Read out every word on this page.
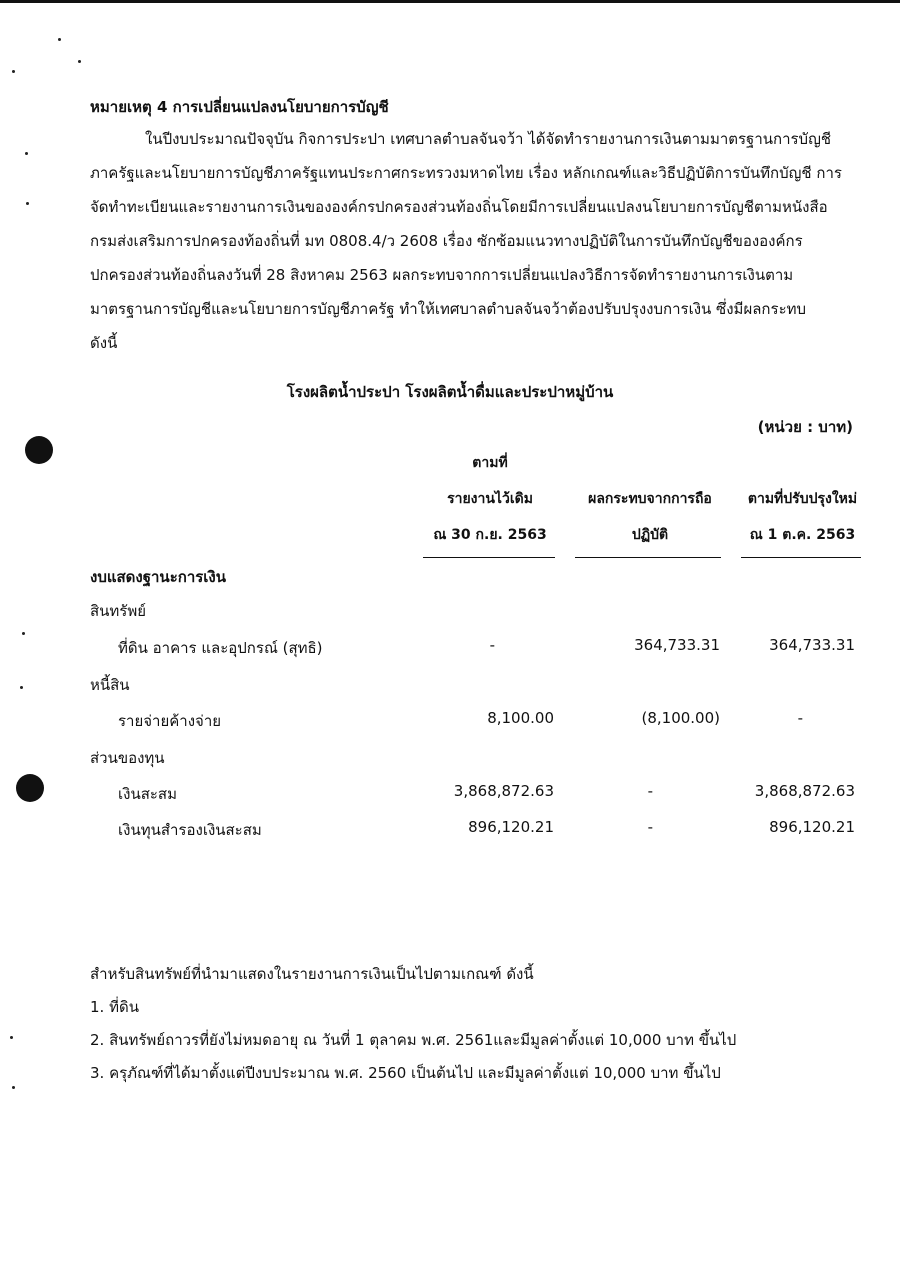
หมายเหตุ 4 การเปลี่ยนแปลงนโยบายการบัญชี
ในปีงบประมาณปัจจุบัน กิจการประปา เทศบาลตำบลจันจว้า ได้จัดทำรายงานการเงินตามมาตรฐานการบัญชี
ภาครัฐและนโยบายการบัญชีภาครัฐแทนประกาศกระทรวงมหาดไทย เรื่อง หลักเกณฑ์และวิธีปฏิบัติการบันทึกบัญชี การ
จัดทำทะเบียนและรายงานการเงินขององค์กรปกครองส่วนท้องถิ่นโดยมีการเปลี่ยนแปลงนโยบายการบัญชีตามหนังสือ
กรมส่งเสริมการปกครองท้องถิ่นที่ มท 0808.4/ว 2608 เรื่อง ซักซ้อมแนวทางปฏิบัติในการบันทึกบัญชีขององค์กร
ปกครองส่วนท้องถิ่นลงวันที่ 28 สิงหาคม 2563 ผลกระทบจากการเปลี่ยนแปลงวิธีการจัดทำรายงานการเงินตาม
มาตรฐานการบัญชีและนโยบายการบัญชีภาครัฐ ทำให้เทศบาลตำบลจันจว้าต้องปรับปรุงงบการเงิน ซึ่งมีผลกระทบ
ดังนี้
โรงผลิตน้ำประปา โรงผลิตน้ำดื่มและประปาหมู่บ้าน
(หน่วย : บาท)
ตามที่
รายงานไว้เดิม
ณ 30 ก.ย. 2563
ผลกระทบจากการถือ
ปฏิบัติ
ตามที่ปรับปรุงใหม่
ณ 1 ต.ค. 2563
งบแสดงฐานะการเงิน
สินทรัพย์
ที่ดิน อาคาร และอุปกรณ์ (สุทธิ)	-	364,733.31	364,733.31
หนี้สิน
รายจ่ายค้างจ่าย	8,100.00	(8,100.00)	-
ส่วนของทุน
เงินสะสม	3,868,872.63	-	3,868,872.63
เงินทุนสำรองเงินสะสม	896,120.21	-	896,120.21
สำหรับสินทรัพย์ที่นำมาแสดงในรายงานการเงินเป็นไปตามเกณฑ์ ดังนี้
1. ที่ดิน
2. สินทรัพย์ถาวรที่ยังไม่หมดอายุ ณ วันที่ 1 ตุลาคม พ.ศ. 2561และมีมูลค่าตั้งแต่ 10,000 บาท ขึ้นไป
3. ครุภัณฑ์ที่ได้มาตั้งแต่ปีงบประมาณ พ.ศ. 2560 เป็นต้นไป และมีมูลค่าตั้งแต่ 10,000 บาท ขึ้นไป
